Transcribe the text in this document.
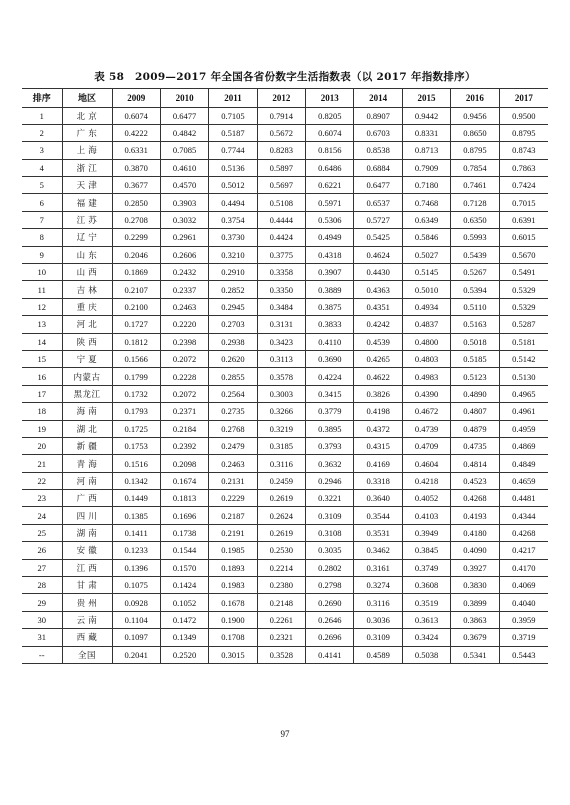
表 58　2009—2017 年全国各省份数字生活指数表（以 2017 年指数排序）
排序	地区	2009	2010	2011	2012	2013	2014	2015	2016	2017
1	北 京	0.6074	0.6477	0.7105	0.7914	0.8205	0.8907	0.9442	0.9456	0.9500
2	广 东	0.4222	0.4842	0.5187	0.5672	0.6074	0.6703	0.8331	0.8650	0.8795
3	上 海	0.6331	0.7085	0.7744	0.8283	0.8156	0.8538	0.8713	0.8795	0.8743
4	浙 江	0.3870	0.4610	0.5136	0.5897	0.6486	0.6884	0.7909	0.7854	0.7863
5	天 津	0.3677	0.4570	0.5012	0.5697	0.6221	0.6477	0.7180	0.7461	0.7424
6	福 建	0.2850	0.3903	0.4494	0.5108	0.5971	0.6537	0.7468	0.7128	0.7015
7	江 苏	0.2708	0.3032	0.3754	0.4444	0.5306	0.5727	0.6349	0.6350	0.6391
8	辽 宁	0.2299	0.2961	0.3730	0.4424	0.4949	0.5425	0.5846	0.5993	0.6015
9	山 东	0.2046	0.2606	0.3210	0.3775	0.4318	0.4624	0.5027	0.5439	0.5670
10	山 西	0.1869	0.2432	0.2910	0.3358	0.3907	0.4430	0.5145	0.5267	0.5491
11	吉 林	0.2107	0.2337	0.2852	0.3350	0.3889	0.4363	0.5010	0.5394	0.5329
12	重 庆	0.2100	0.2463	0.2945	0.3484	0.3875	0.4351	0.4934	0.5110	0.5329
13	河 北	0.1727	0.2220	0.2703	0.3131	0.3833	0.4242	0.4837	0.5163	0.5287
14	陕 西	0.1812	0.2398	0.2938	0.3423	0.4110	0.4539	0.4800	0.5018	0.5181
15	宁 夏	0.1566	0.2072	0.2620	0.3113	0.3690	0.4265	0.4803	0.5185	0.5142
16	内蒙古	0.1799	0.2228	0.2855	0.3578	0.4224	0.4622	0.4983	0.5123	0.5130
17	黑龙江	0.1732	0.2072	0.2564	0.3003	0.3415	0.3826	0.4390	0.4890	0.4965
18	海 南	0.1793	0.2371	0.2735	0.3266	0.3779	0.4198	0.4672	0.4807	0.4961
19	湖 北	0.1725	0.2184	0.2768	0.3219	0.3895	0.4372	0.4739	0.4879	0.4959
20	新 疆	0.1753	0.2392	0.2479	0.3185	0.3793	0.4315	0.4709	0.4735	0.4869
21	青 海	0.1516	0.2098	0.2463	0.3116	0.3632	0.4169	0.4604	0.4814	0.4849
22	河 南	0.1342	0.1674	0.2131	0.2459	0.2946	0.3318	0.4218	0.4523	0.4659
23	广 西	0.1449	0.1813	0.2229	0.2619	0.3221	0.3640	0.4052	0.4268	0.4481
24	四 川	0.1385	0.1696	0.2187	0.2624	0.3109	0.3544	0.4103	0.4193	0.4344
25	湖 南	0.1411	0.1738	0.2191	0.2619	0.3108	0.3531	0.3949	0.4180	0.4268
26	安 徽	0.1233	0.1544	0.1985	0.2530	0.3035	0.3462	0.3845	0.4090	0.4217
27	江 西	0.1396	0.1570	0.1893	0.2214	0.2802	0.3161	0.3749	0.3927	0.4170
28	甘 肃	0.1075	0.1424	0.1983	0.2380	0.2798	0.3274	0.3608	0.3830	0.4069
29	贵 州	0.0928	0.1052	0.1678	0.2148	0.2690	0.3116	0.3519	0.3899	0.4040
30	云 南	0.1104	0.1472	0.1900	0.2261	0.2646	0.3036	0.3613	0.3863	0.3959
31	西 藏	0.1097	0.1349	0.1708	0.2321	0.2696	0.3109	0.3424	0.3679	0.3719
--	全国	0.2041	0.2520	0.3015	0.3528	0.4141	0.4589	0.5038	0.5341	0.5443
97
